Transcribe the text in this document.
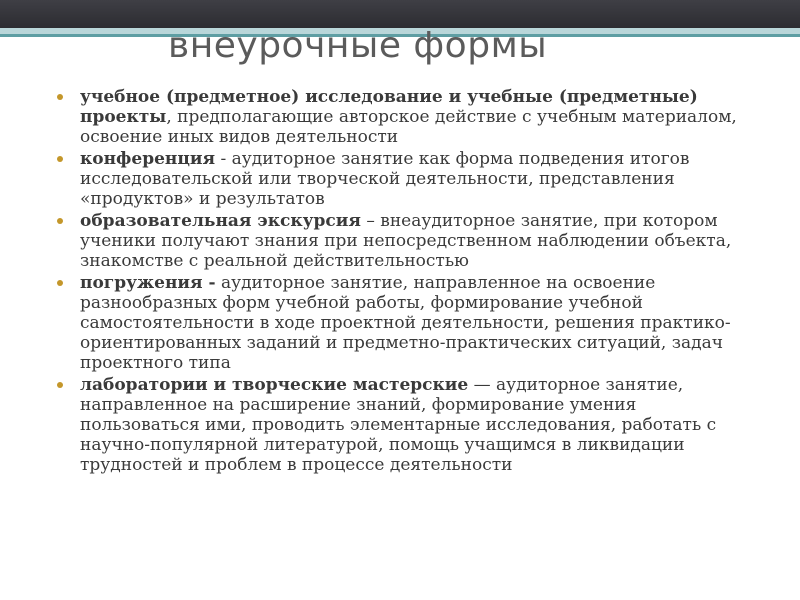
внеурочные формы
учебное (предметное) исследование и учебные (предметные) проекты, предполагающие авторское действие с учебным материалом, освоение иных видов деятельности
конференция - аудиторное занятие как форма подведения итогов исследовательской или творческой деятельности, представления «продуктов» и результатов
образовательная экскурсия – внеаудиторное занятие, при котором ученики получают знания при непосредственном наблюдении объекта, знакомстве с реальной действительностью
погружения - аудиторное занятие, направленное на освоение разнообразных форм учебной работы, формирование учебной самостоятельности в ходе проектной деятельности, решения практико-ориентированных заданий и предметно-практических ситуаций, задач проектного типа
лаборатории и творческие мастерские — аудиторное занятие, направленное на расширение знаний, формирование умения пользоваться ими, проводить элементарные исследования, работать с научно-популярной литературой, помощь учащимся в ликвидации трудностей и проблем в процессе деятельности
